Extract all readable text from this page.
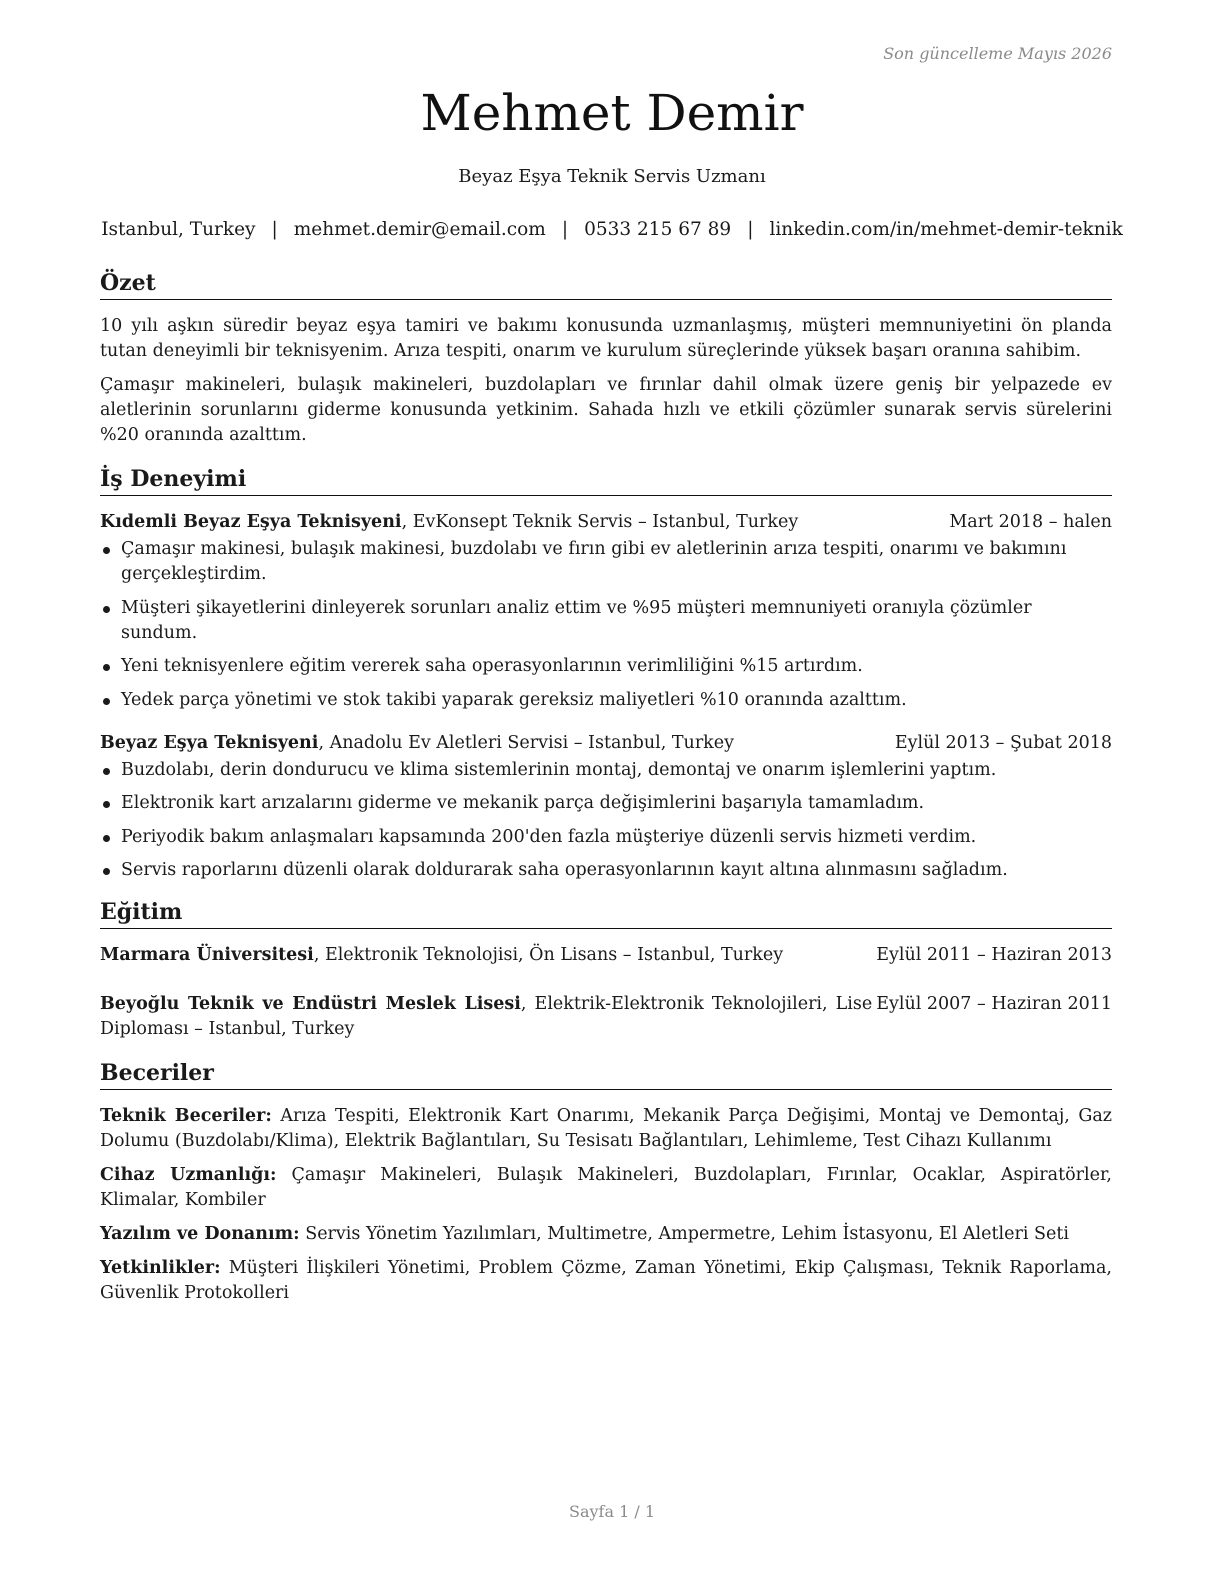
Son güncelleme Mayıs 2026
Mehmet Demir
Beyaz Eşya Teknik Servis Uzmanı
Istanbul, Turkey | mehmet.demir@email.com | 0533 215 67 89 | linkedin.com/in/mehmet-demir-teknik
Özet

10 yılı aşkın süredir beyaz eşya tamiri ve bakımı konusunda uzmanlaşmış, müşteri memnuniyetini ön planda tutan deneyimli bir teknisyenim. Arıza tespiti, onarım ve kurulum süreçlerinde yüksek başarı oranına sahibim.

Çamaşır makineleri, bulaşık makineleri, buzdolapları ve fırınlar dahil olmak üzere geniş bir yelpazede ev aletlerinin sorunlarını giderme konusunda yetkinim. Sahada hızlı ve etkili çözümler sunarak servis sürelerini %20 oranında azalttım.

İş Deneyimi
Kıdemli Beyaz Eşya Teknisyeni, EvKonsept Teknik Servis – Istanbul, Turkey	Mart 2018 – halen
Çamaşır makinesi, bulaşık makinesi, buzdolabı ve fırın gibi ev aletlerinin arıza tespiti, onarımı ve bakımını gerçekleştirdim.
Müşteri şikayetlerini dinleyerek sorunları analiz ettim ve %95 müşteri memnuniyeti oranıyla çözümler sundum.
Yeni teknisyenlere eğitim vererek saha operasyonlarının verimliliğini %15 artırdım.
Yedek parça yönetimi ve stok takibi yaparak gereksiz maliyetleri %10 oranında azalttım.
Beyaz Eşya Teknisyeni, Anadolu Ev Aletleri Servisi – Istanbul, Turkey	Eylül 2013 – Şubat 2018
Buzdolabı, derin dondurucu ve klima sistemlerinin montaj, demontaj ve onarım işlemlerini yaptım.
Elektronik kart arızalarını giderme ve mekanik parça değişimlerini başarıyla tamamladım.
Periyodik bakım anlaşmaları kapsamında 200'den fazla müşteriye düzenli servis hizmeti verdim.
Servis raporlarını düzenli olarak doldurarak saha operasyonlarının kayıt altına alınmasını sağladım.
Eğitim
Marmara Üniversitesi, Elektronik Teknolojisi, Ön Lisans – Istanbul, Turkey	Eylül 2011 – Haziran 2013
Beyoğlu Teknik ve Endüstri Meslek Lisesi, Elektrik-Elektronik Teknolojileri, Lise Diploması – Istanbul, Turkey
Eylül 2007 – Haziran 2011
Beceriler

Teknik Beceriler: Arıza Tespiti, Elektronik Kart Onarımı, Mekanik Parça Değişimi, Montaj ve Demontaj, Gaz Dolumu (Buzdolabı/Klima), Elektrik Bağlantıları, Su Tesisatı Bağlantıları, Lehimleme, Test Cihazı Kullanımı

Cihaz Uzmanlığı: Çamaşır Makineleri, Bulaşık Makineleri, Buzdolapları, Fırınlar, Ocaklar, Aspiratörler, Klimalar, Kombiler

Yazılım ve Donanım: Servis Yönetim Yazılımları, Multimetre, Ampermetre, Lehim İstasyonu, El Aletleri Seti

Yetkinlikler: Müşteri İlişkileri Yönetimi, Problem Çözme, Zaman Yönetimi, Ekip Çalışması, Teknik Raporlama, Güvenlik Protokolleri

Sayfa 1 / 1
